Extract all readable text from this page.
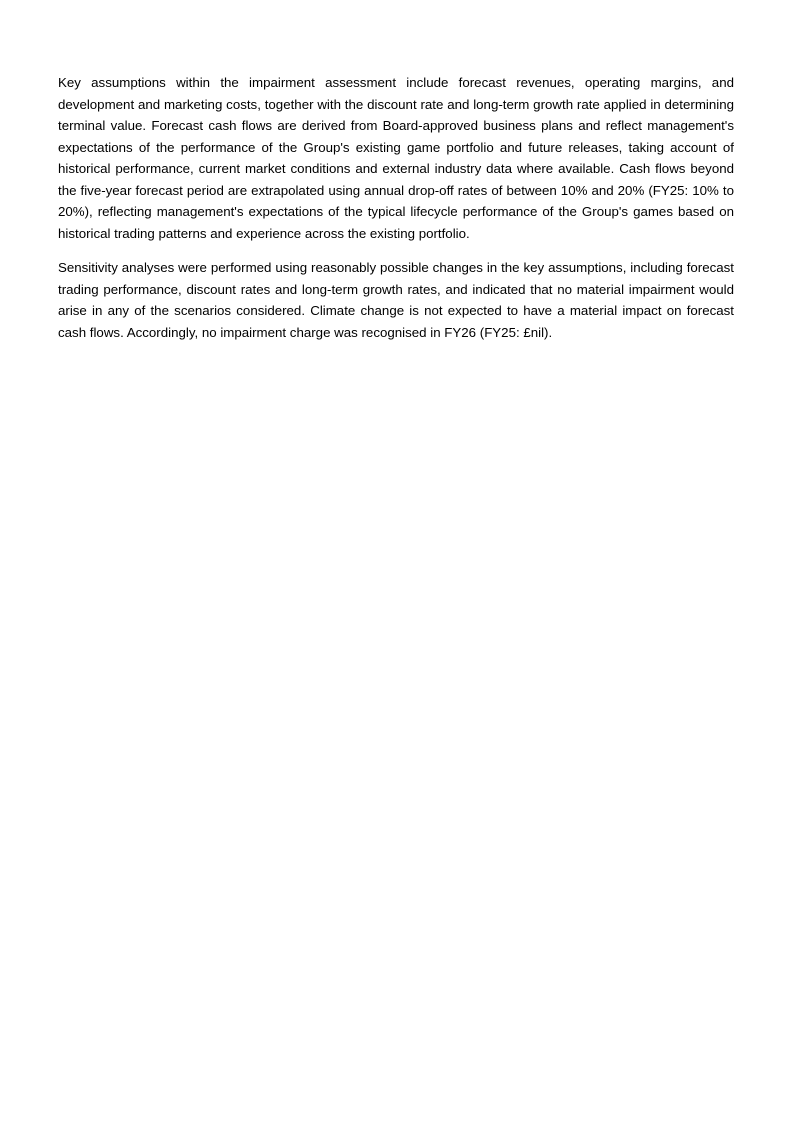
Key assumptions within the impairment assessment include forecast revenues, operating margins, and development and marketing costs, together with the discount rate and long-term growth rate applied in determining terminal value. Forecast cash flows are derived from Board-approved business plans and reflect management's expectations of the performance of the Group's existing game portfolio and future releases, taking account of historical performance, current market conditions and external industry data where available. Cash flows beyond the five-year forecast period are extrapolated using annual drop-off rates of between 10% and 20% (FY25: 10% to 20%), reflecting management's expectations of the typical lifecycle performance of the Group's games based on historical trading patterns and experience across the existing portfolio.

Sensitivity analyses were performed using reasonably possible changes in the key assumptions, including forecast trading performance, discount rates and long-term growth rates, and indicated that no material impairment would arise in any of the scenarios considered. Climate change is not expected to have a material impact on forecast cash flows. Accordingly, no impairment charge was recognised in FY26 (FY25: £nil).
